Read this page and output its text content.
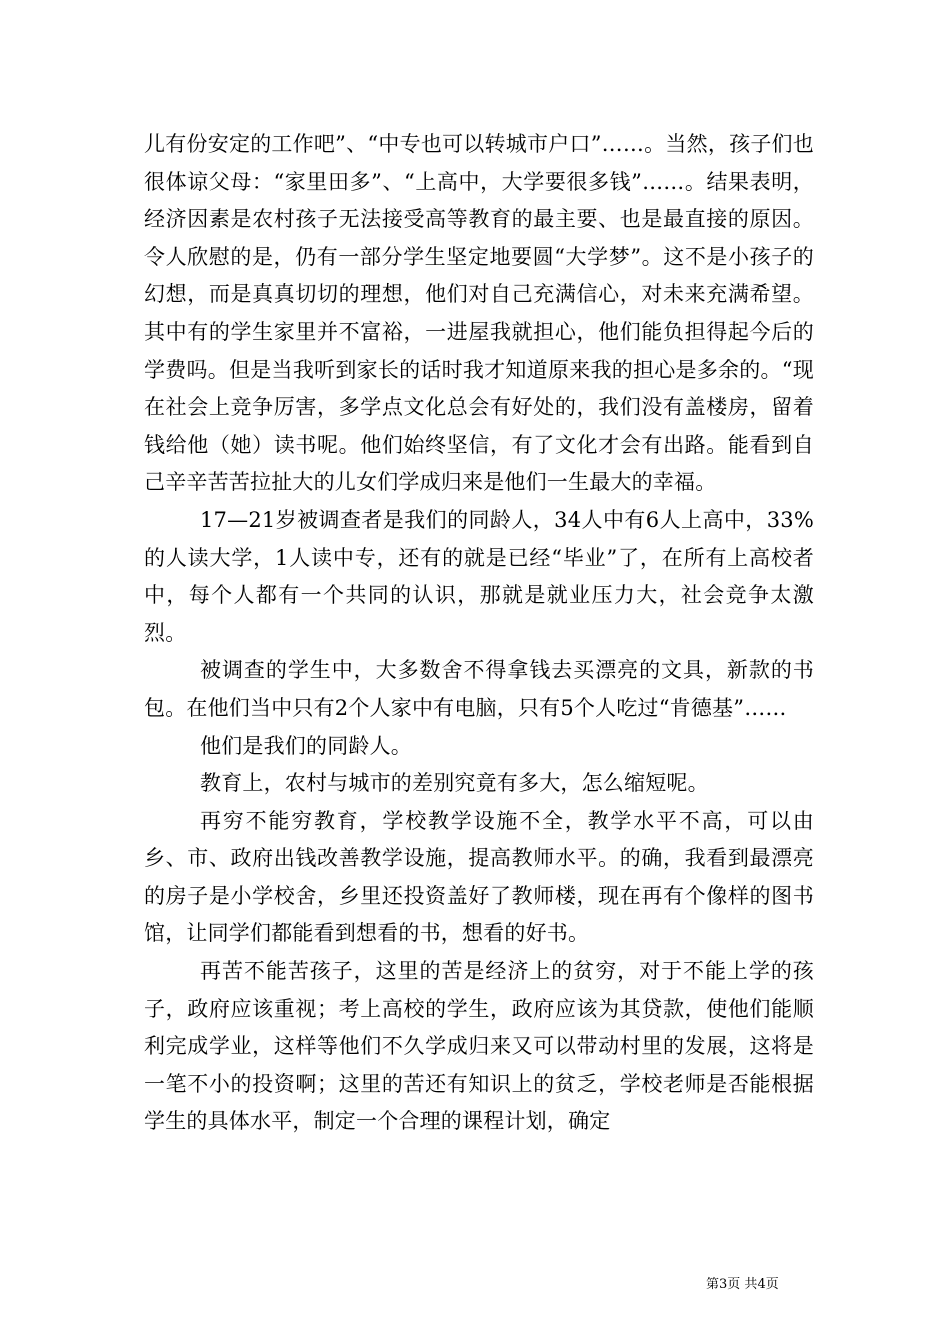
儿有份安定的工作吧”、“中专也可以转城市户口”……。当然，孩子们也很体谅父母：“家里田多”、“上高中，大学要很多钱”……。结果表明，经济因素是农村孩子无法接受高等教育的最主要、也是最直接的原因。令人欣慰的是，仍有一部分学生坚定地要圆“大学梦”。这不是小孩子的幻想，而是真真切切的理想，他们对自己充满信心，对未来充满希望。其中有的学生家里并不富裕，一进屋我就担心，他们能负担得起今后的学费吗。但是当我听到家长的话时我才知道原来我的担心是多余的。“现在社会上竞争厉害，多学点文化总会有好处的，我们没有盖楼房，留着钱给他（她）读书呢。他们始终坚信，有了文化才会有出路。能看到自己辛辛苦苦拉扯大的儿女们学成归来是他们一生最大的幸福。

17—21岁被调查者是我们的同龄人，34人中有6人上高中，33%的人读大学，1人读中专，还有的就是已经“毕业”了，在所有上高校者中，每个人都有一个共同的认识，那就是就业压力大，社会竞争太激烈。

被调查的学生中，大多数舍不得拿钱去买漂亮的文具，新款的书包。在他们当中只有2个人家中有电脑，只有5个人吃过“肯德基”……

他们是我们的同龄人。

教育上，农村与城市的差别究竟有多大，怎么缩短呢。

再穷不能穷教育，学校教学设施不全，教学水平不高，可以由乡、市、政府出钱改善教学设施，提高教师水平。的确，我看到最漂亮的房子是小学校舍，乡里还投资盖好了教师楼，现在再有个像样的图书馆，让同学们都能看到想看的书，想看的好书。

再苦不能苦孩子，这里的苦是经济上的贫穷，对于不能上学的孩子，政府应该重视；考上高校的学生，政府应该为其贷款，使他们能顺利完成学业，这样等他们不久学成归来又可以带动村里的发展，这将是一笔不小的投资啊；这里的苦还有知识上的贫乏，学校老师是否能根据学生的具体水平，制定一个合理的课程计划，确定

第3页 共4页
